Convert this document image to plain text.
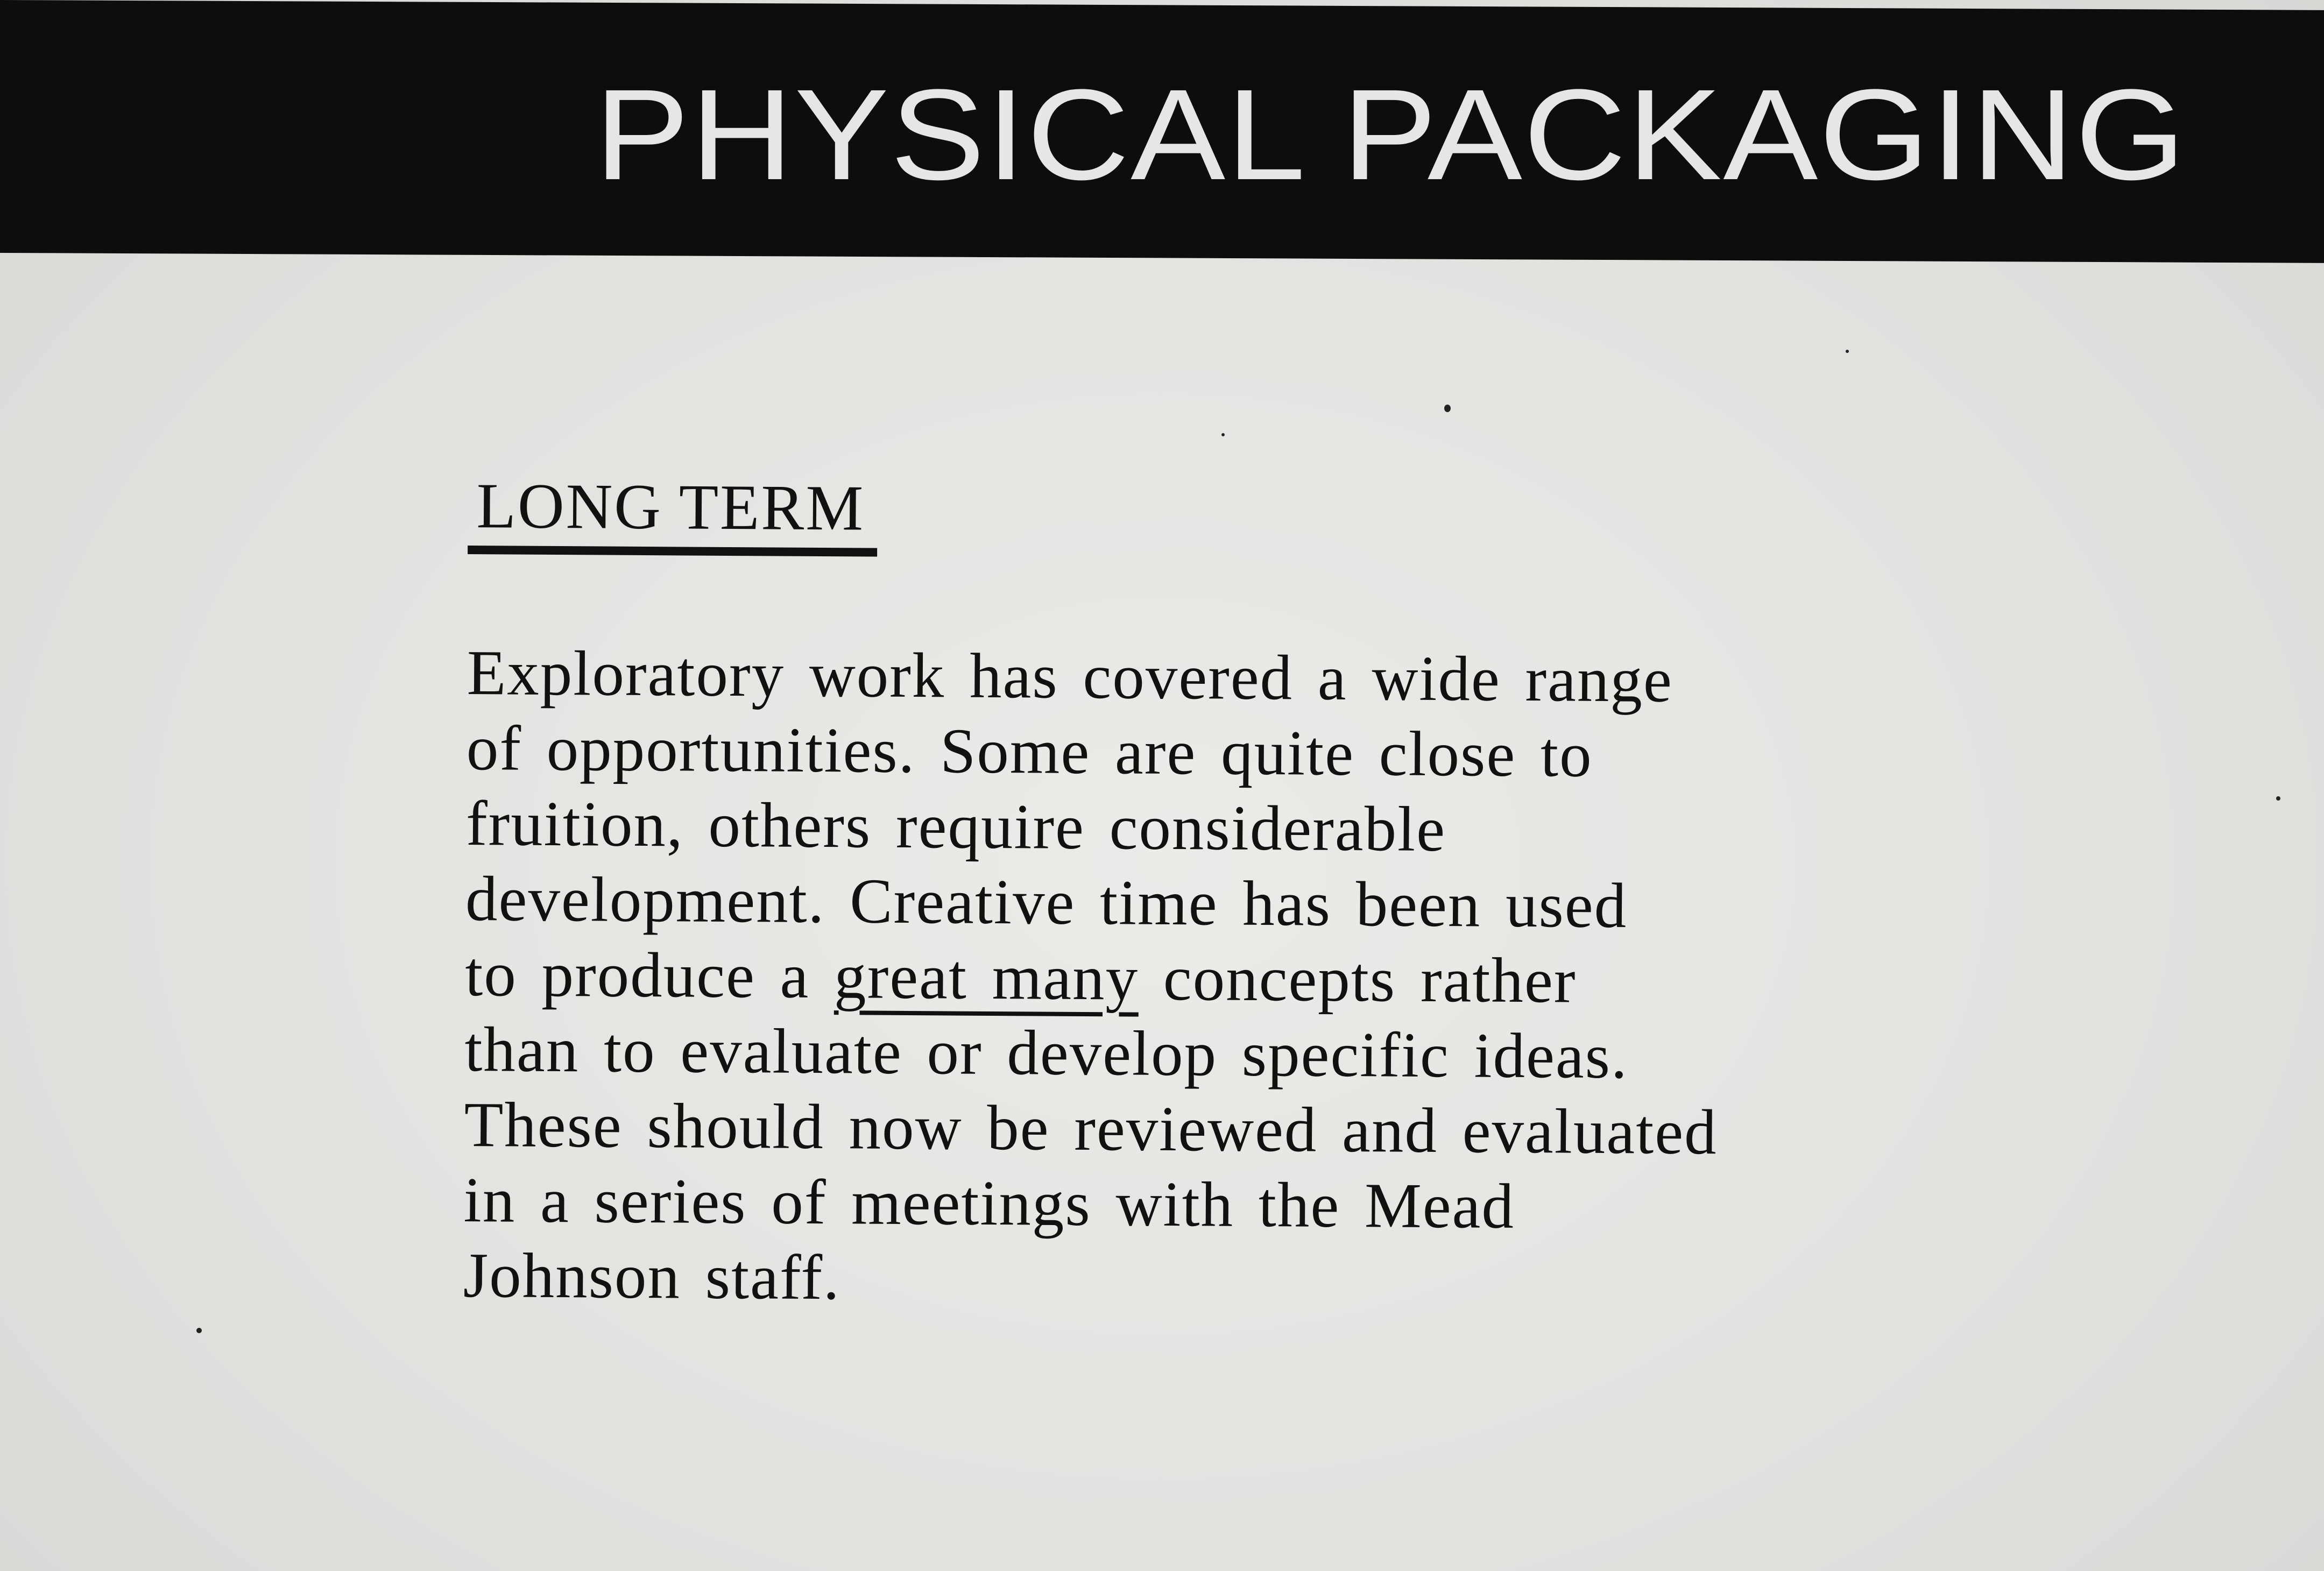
PHYSICAL PACKAGING
LONG TERM
Exploratory work has covered a wide range
of opportunities. Some are quite close to
fruition, others require considerable
development. Creative time has been used
to produce a great many concepts rather
than to evaluate or develop specific ideas.
These should now be reviewed and evaluated
in a series of meetings with the Mead
Johnson staff.
